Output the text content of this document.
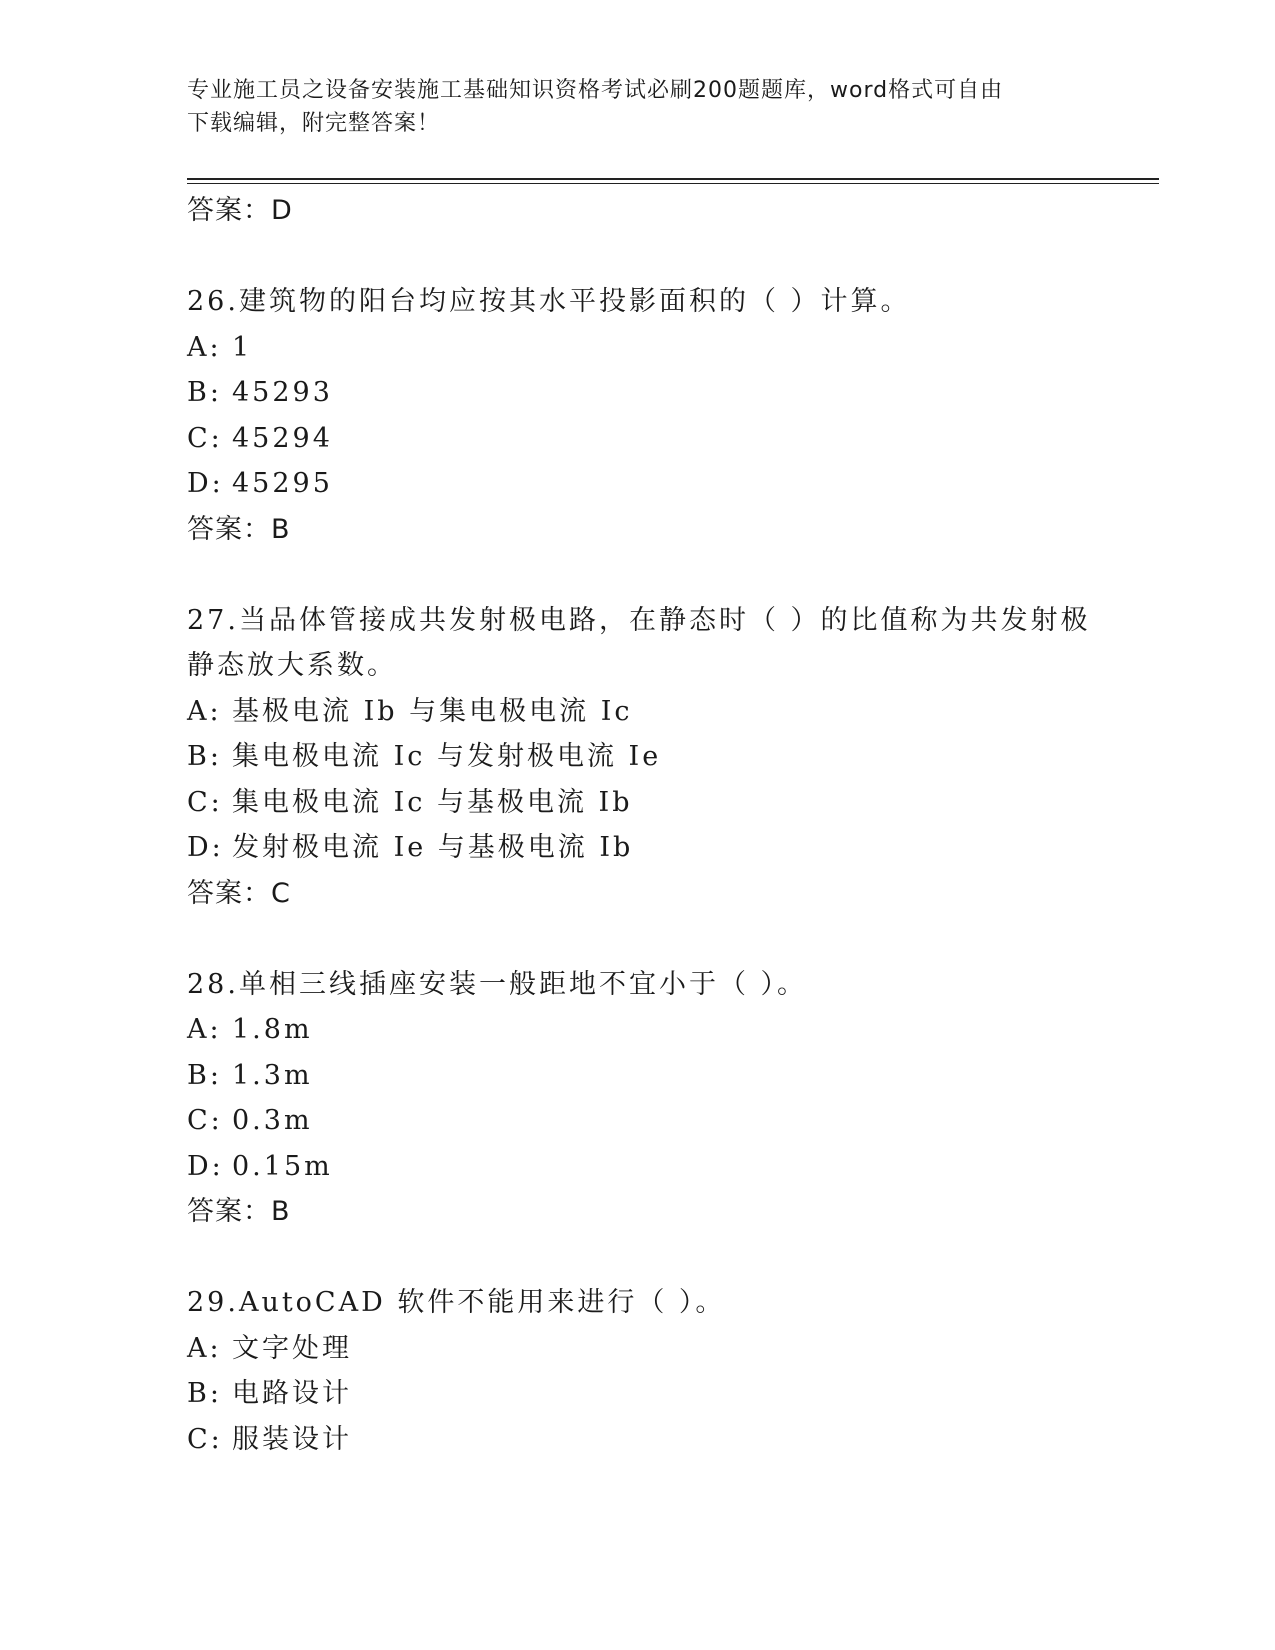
专业施工员之设备安装施工基础知识资格考试必刷200题题库，word格式可自由
下载编辑，附完整答案！
答案：D
26.建筑物的阳台均应按其水平投影面积的（ ）计算。
A: 1
B: 45293
C: 45294
D: 45295
答案：B
27.当品体管接成共发射极电路，在静态时（ ）的比值称为共发射极
静态放大系数。
A: 基极电流 Ib 与集电极电流 Ic
B: 集电极电流 Ic 与发射极电流 Ie
C: 集电极电流 Ic 与基极电流 Ib
D: 发射极电流 Ie 与基极电流 Ib
答案：C
28.单相三线插座安装一般距地不宜小于（ ）。
A: 1.8m
B: 1.3m
C: 0.3m
D: 0.15m
答案：B
29.AutoCAD 软件不能用来进行（ ）。
A: 文字处理
B: 电路设计
C: 服装设计
